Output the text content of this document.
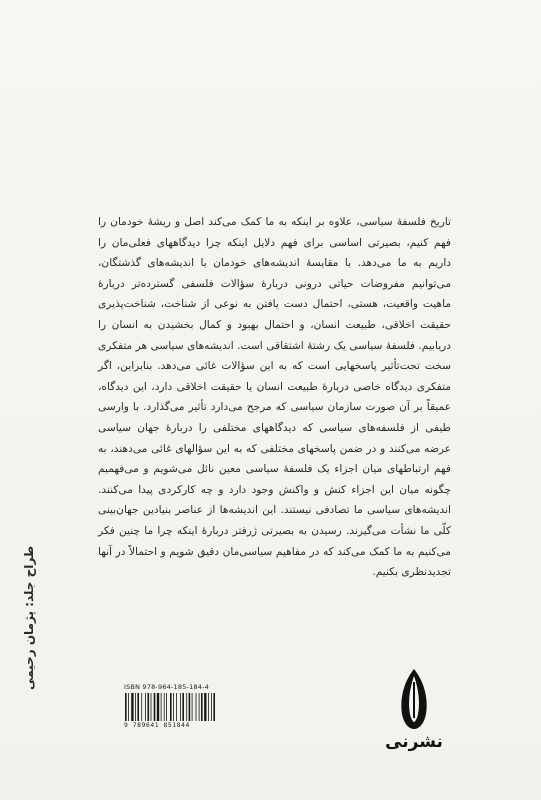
تاریخ فلسفهٔ سیاسی، علاوه بر اینکه به ما کمک می‌کند اصل و ریشهٔ خودمان را فهم کنیم، بصیرتی اساسی برای فهم دلایل اینکه چرا دیدگاههای فعلی‌مان را داریم به ما می‌دهد. با مقایسهٔ اندیشه‌های خودمان با اندیشه‌های گذشتگان، می‌توانیم مفروضات حیاتی درونی دربارهٔ سؤالات فلسفی گسترده‌تر دربارهٔ ماهیت واقعیت، هستی، احتمال دست یافتن به نوعی از شناخت، شناخت‌پذیری حقیقت اخلاقی، طبیعت انسان، و احتمال بهبود و کمال بخشیدن به انسان را دریابیم. فلسفهٔ سیاسی یک رشتهٔ اشتقاقی است. اندیشه‌های سیاسی هر متفکری سخت تحت‌تأثیر پاسخهایی است که به این سؤالات غائی می‌دهد. بنابراین، اگر متفکری دیدگاه خاصی دربارهٔ طبیعت انسان یا حقیقت اخلاقی دارد، این دیدگاه، عمیقاً بر آن صورت سازمان سیاسی که مرجح می‌دارد تأثیر می‌گذارد. با وارسی طیفی از فلسفه‌های سیاسی که دیدگاههای مختلفی را دربارهٔ جهان سیاسی عرضه می‌کنند و در ضمن پاسخهای مختلفی که به این سؤالهای غائی می‌دهند، به فهم ارتباطهای میان اجزاء یک فلسفهٔ سیاسی معین نائل می‌شویم و می‌فهمیم چگونه میان این اجزاء کنش و واکنش وجود دارد و چه کارکردی پیدا می‌کنند. اندیشه‌های سیاسی ما تصادفی نیستند. این اندیشه‌ها از عناصر بنیادین جهان‌بینی کلّی ما نشأت می‌گیرند. رسیدن به بصیرتی ژرفتر دربارهٔ اینکه چرا ما چنین فکر می‌کنیم به ما کمک می‌کند که در مفاهیم سیاسی‌مان دقیق شویم و احتمالاً در آنها تجدیدنظری بکنیم.

طراح جلد: پژمان رحیمی	ISBN 978-964-185-184-4
9 789641 851844
نشرنی
